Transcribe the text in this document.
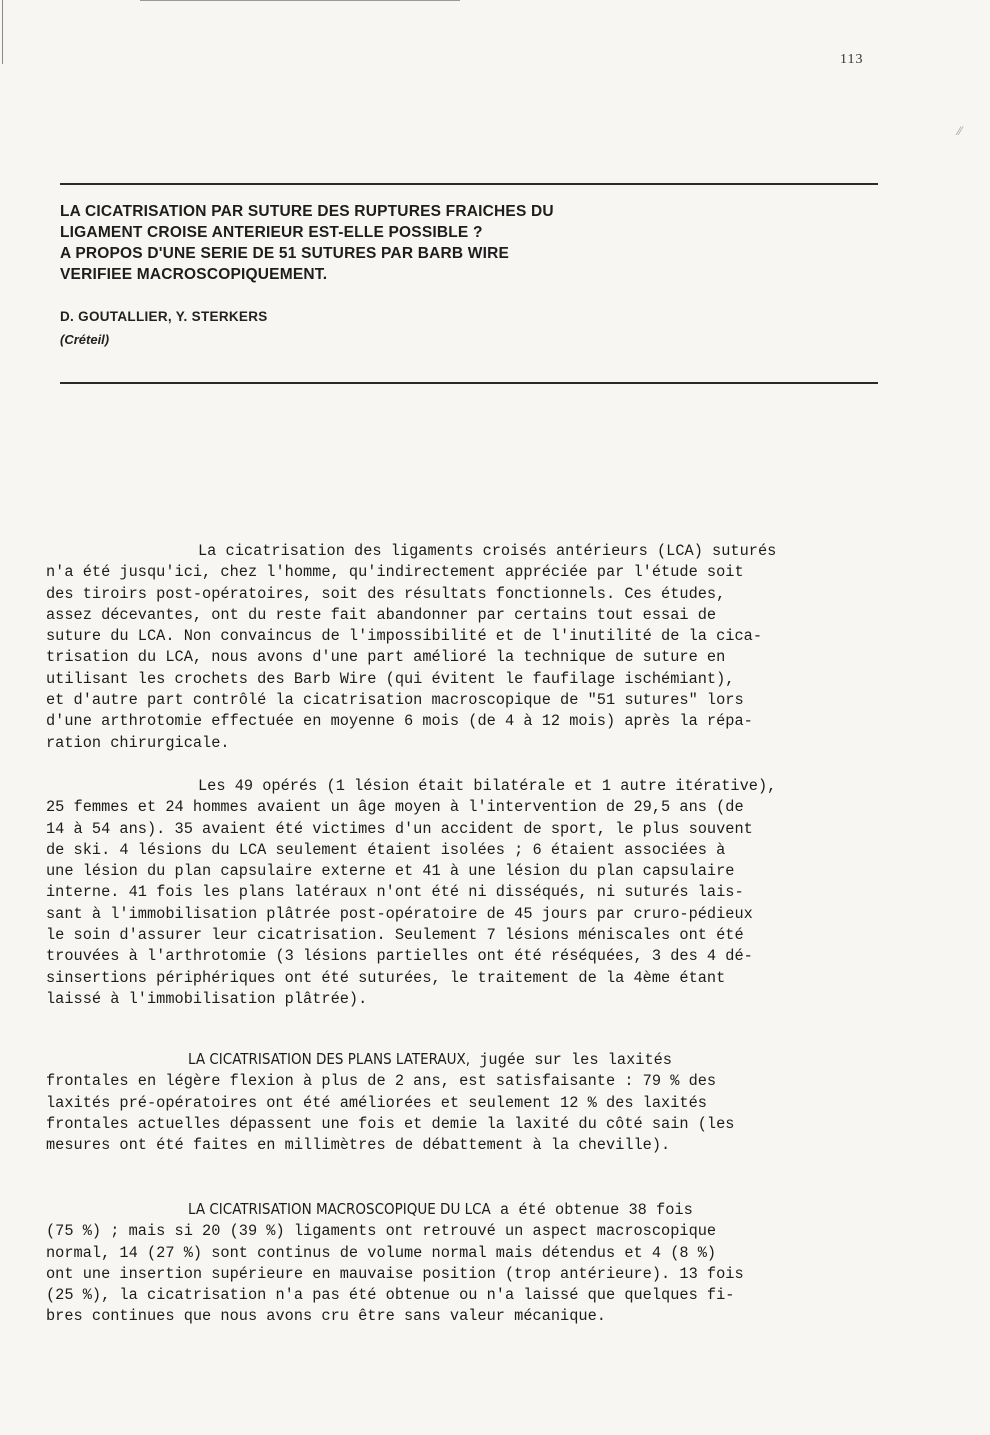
⁄⁄
113
LA CICATRISATION PAR SUTURE DES RUPTURES FRAICHES DU
LIGAMENT CROISE ANTERIEUR EST-ELLE POSSIBLE ?
A PROPOS D'UNE SERIE DE 51 SUTURES PAR BARB WIRE
VERIFIEE MACROSCOPIQUEMENT.
D. GOUTALLIER, Y. STERKERS
(Créteil)
La cicatrisation des ligaments croisés antérieurs (LCA) suturés
n'a été jusqu'ici, chez l'homme, qu'indirectement appréciée par l'étude soit
des tiroirs post-opératoires, soit des résultats fonctionnels. Ces études,
assez décevantes, ont du reste fait abandonner par certains tout essai de
suture du LCA. Non convaincus de l'impossibilité et de l'inutilité de la cica-
trisation du LCA, nous avons d'une part amélioré la technique de suture en
utilisant les crochets des Barb Wire (qui évitent le faufilage ischémiant),
et d'autre part contrôlé la cicatrisation macroscopique de "51 sutures" lors
d'une arthrotomie effectuée en moyenne 6 mois (de 4 à 12 mois) après la répa-
ration chirurgicale.
Les 49 opérés (1 lésion était bilatérale et 1 autre itérative),
25 femmes et 24 hommes avaient un âge moyen à l'intervention de 29,5 ans (de
14 à 54 ans). 35 avaient été victimes d'un accident de sport, le plus souvent
de ski. 4 lésions du LCA seulement étaient isolées ; 6 étaient associées à
une lésion du plan capsulaire externe et 41 à une lésion du plan capsulaire
interne. 41 fois les plans latéraux n'ont été ni disséqués, ni suturés lais-
sant à l'immobilisation plâtrée post-opératoire de 45 jours par cruro-pédieux
le soin d'assurer leur cicatrisation. Seulement 7 lésions méniscales ont été
trouvées à l'arthrotomie (3 lésions partielles ont été réséquées, 3 des 4 dé-
sinsertions périphériques ont été suturées, le traitement de la 4ème étant
laissé à l'immobilisation plâtrée).
LA CICATRISATION DES PLANS LATERAUX, jugée sur les laxités
frontales en légère flexion à plus de 2 ans, est satisfaisante : 79 % des
laxités pré-opératoires ont été améliorées et seulement 12 % des laxités
frontales actuelles dépassent une fois et demie la laxité du côté sain (les
mesures ont été faites en millimètres de débattement à la cheville).
LA CICATRISATION MACROSCOPIQUE DU LCA a été obtenue 38 fois
(75 %) ; mais si 20 (39 %) ligaments ont retrouvé un aspect macroscopique
normal, 14 (27 %) sont continus de volume normal mais détendus et 4 (8 %)
ont une insertion supérieure en mauvaise position (trop antérieure). 13 fois
(25 %), la cicatrisation n'a pas été obtenue ou n'a laissé que quelques fi-
bres continues que nous avons cru être sans valeur mécanique.
